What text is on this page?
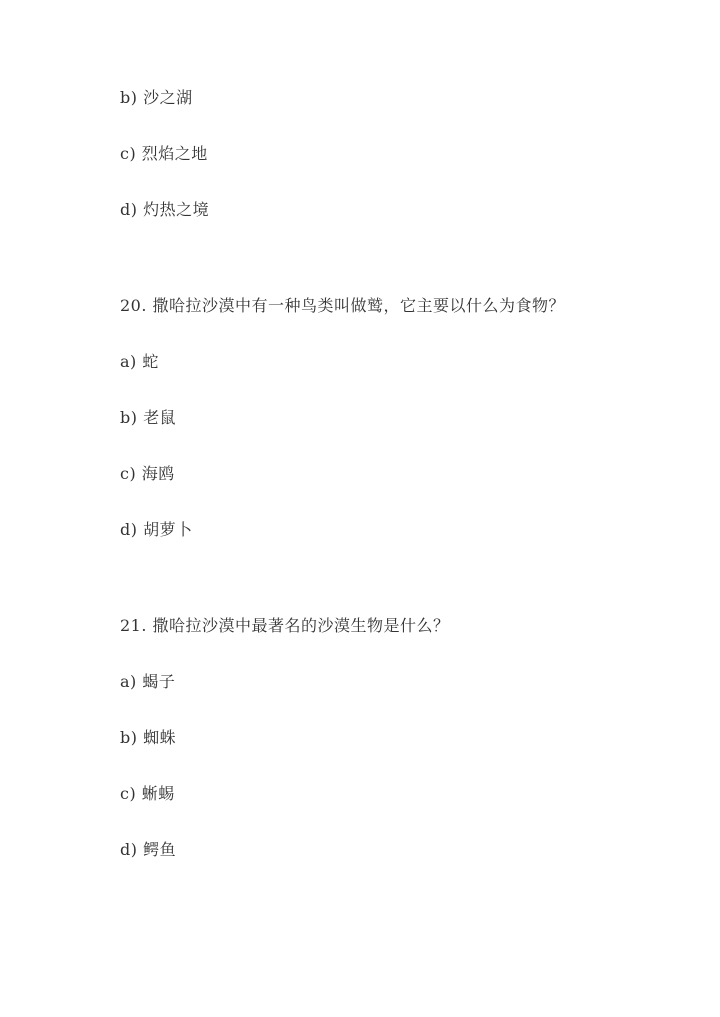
b) 沙之湖
c) 烈焰之地
d) 灼热之境
20. 撒哈拉沙漠中有一种鸟类叫做鹫，它主要以什么为食物？
a) 蛇
b) 老鼠
c) 海鸥
d) 胡萝卜
21. 撒哈拉沙漠中最著名的沙漠生物是什么？
a) 蝎子
b) 蜘蛛
c) 蜥蜴
d) 鳄鱼
